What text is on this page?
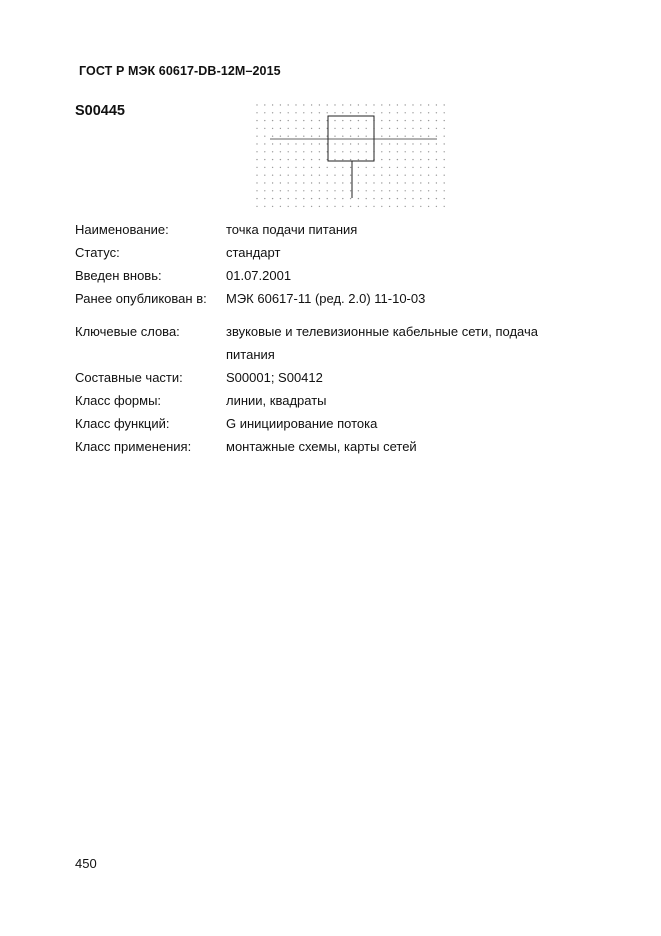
ГОСТ Р МЭК 60617-DB-12M–2015
S00445
Наименование:	точка подачи питания
Статус:	стандарт
Введен вновь:	01.07.2001
Ранее опубликован в:	МЭК 60617-11 (ред. 2.0) 11-10-03
Ключевые слова:	звуковые и телевизионные кабельные сети, подача питания
Составные части:	S00001; S00412
Класс формы:	линии, квадраты
Класс функций:	G инициирование потока
Класс применения:	монтажные схемы, карты сетей
450
